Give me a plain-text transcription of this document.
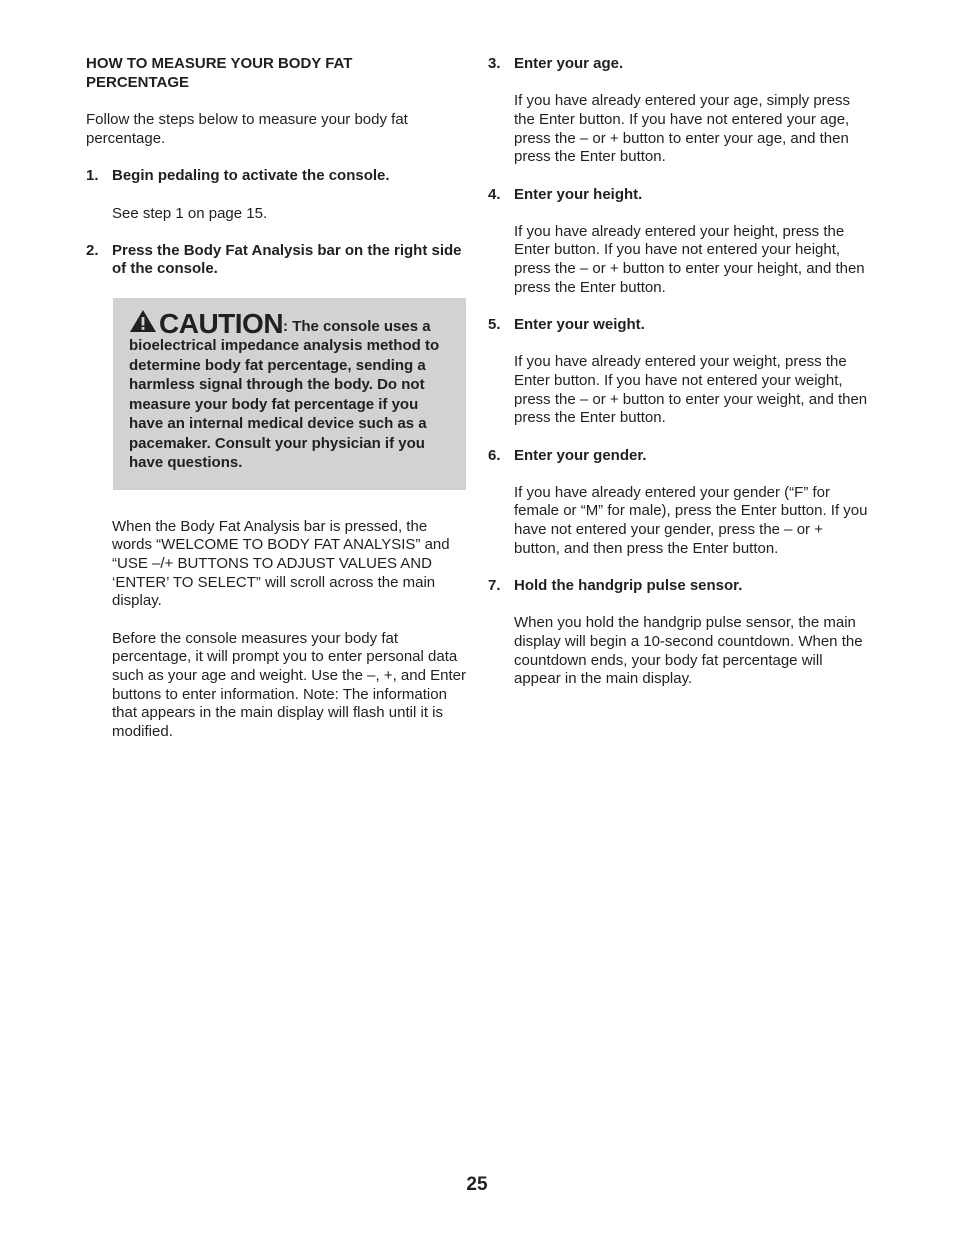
HOW TO MEASURE YOUR BODY FAT
PERCENTAGE

Follow the steps below to measure your body fat percentage.

1. Begin pedaling to activate the console.

See step 1 on page 15.

2. Press the Body Fat Analysis bar on the right side of the console.
CAUTION: The console uses a bioelectrical impedance analysis method to determine body fat percentage, sending a harmless signal through the body. Do not measure your body fat percentage if you have an internal medical device such as a pacemaker. Consult your physician if you have questions.

When the Body Fat Analysis bar is pressed, the words “WELCOME TO BODY FAT ANALYSIS” and “USE –/+ BUTTONS TO ADJUST VALUES AND ‘ENTER’ TO SELECT” will scroll across the main display.

Before the console measures your body fat percentage, it will prompt you to enter personal data such as your age and weight. Use the –, +, and Enter buttons to enter information. Note: The information that appears in the main display will flash until it is modified.

3. Enter your age.

If you have already entered your age, simply press the Enter button. If you have not entered your age, press the – or + button to enter your age, and then press the Enter button.

4. Enter your height.

If you have already entered your height, press the Enter button. If you have not entered your height, press the – or + button to enter your height, and then press the Enter button.

5. Enter your weight.

If you have already entered your weight, press the Enter button. If you have not entered your weight, press the – or + button to enter your weight, and then press the Enter button.

6. Enter your gender.

If you have already entered your gender (“F” for female or “M” for male), press the Enter button. If you have not entered your gender, press the – or + button, and then press the Enter button.

7. Hold the handgrip pulse sensor.

When you hold the handgrip pulse sensor, the main display will begin a 10-second countdown. When the countdown ends, your body fat percentage will appear in the main display.

25
